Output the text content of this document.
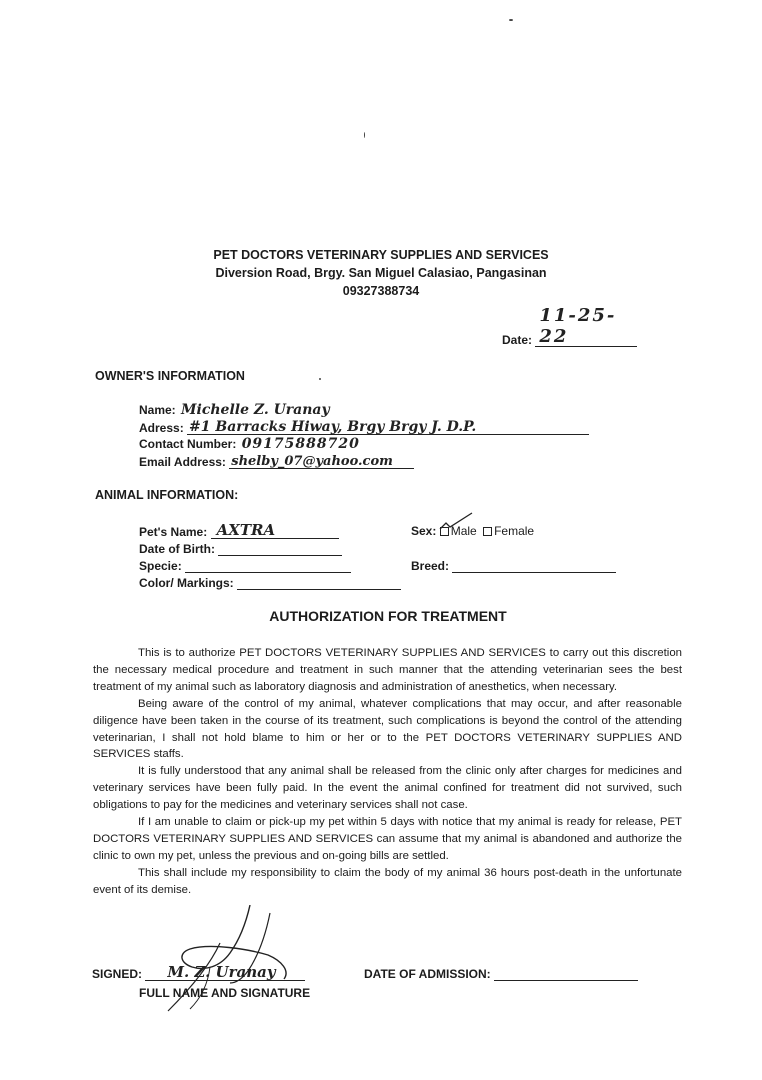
PET DOCTORS VETERINARY SUPPLIES AND SERVICES
Diversion Road, Brgy. San Miguel Calasiao, Pangasinan
09327388734
Date:
11-25-22
OWNER'S INFORMATION
Name: Michelle Z. Uranay
Adress: #1 Barracks Hiway, Brgy Brgy J. D.P.
Contact Number: 09175888720
Email Address: shelby_07@yahoo.com
ANIMAL INFORMATION:
Pet's Name: AXTRA
Date of Birth:
Specie:
Color/ Markings:
Sex: Male Female
Breed:
AUTHORIZATION FOR TREATMENT

This is to authorize PET DOCTORS VETERINARY SUPPLIES AND SERVICES to carry out this discretion the necessary medical procedure and treatment in such manner that the attending veterinarian sees the best treatment of my animal such as laboratory diagnosis and administration of anesthetics, when necessary.

Being aware of the control of my animal, whatever complications that may occur, and after reasonable diligence have been taken in the course of its treatment, such complications is beyond the control of the attending veterinarian, I shall not hold blame to him or her or to the PET DOCTORS VETERINARY SUPPLIES AND SERVICES staffs.

It is fully understood that any animal shall be released from the clinic only after charges for medicines and veterinary services have been fully paid. In the event the animal confined for treatment did not survived, such obligations to pay for the medicines and veterinary services shall not case.

If I am unable to claim or pick-up my pet within 5 days with notice that my animal is ready for release, PET DOCTORS VETERINARY SUPPLIES AND SERVICES can assume that my animal is abandoned and authorize the clinic to own my pet, unless the previous and on-going bills are settled.

This shall include my responsibility to claim the body of my animal 36 hours post-death in the unfortunate event of its demise.

SIGNED: M. Z. Uranay
FULL NAME AND SIGNATURE
DATE OF ADMISSION:
